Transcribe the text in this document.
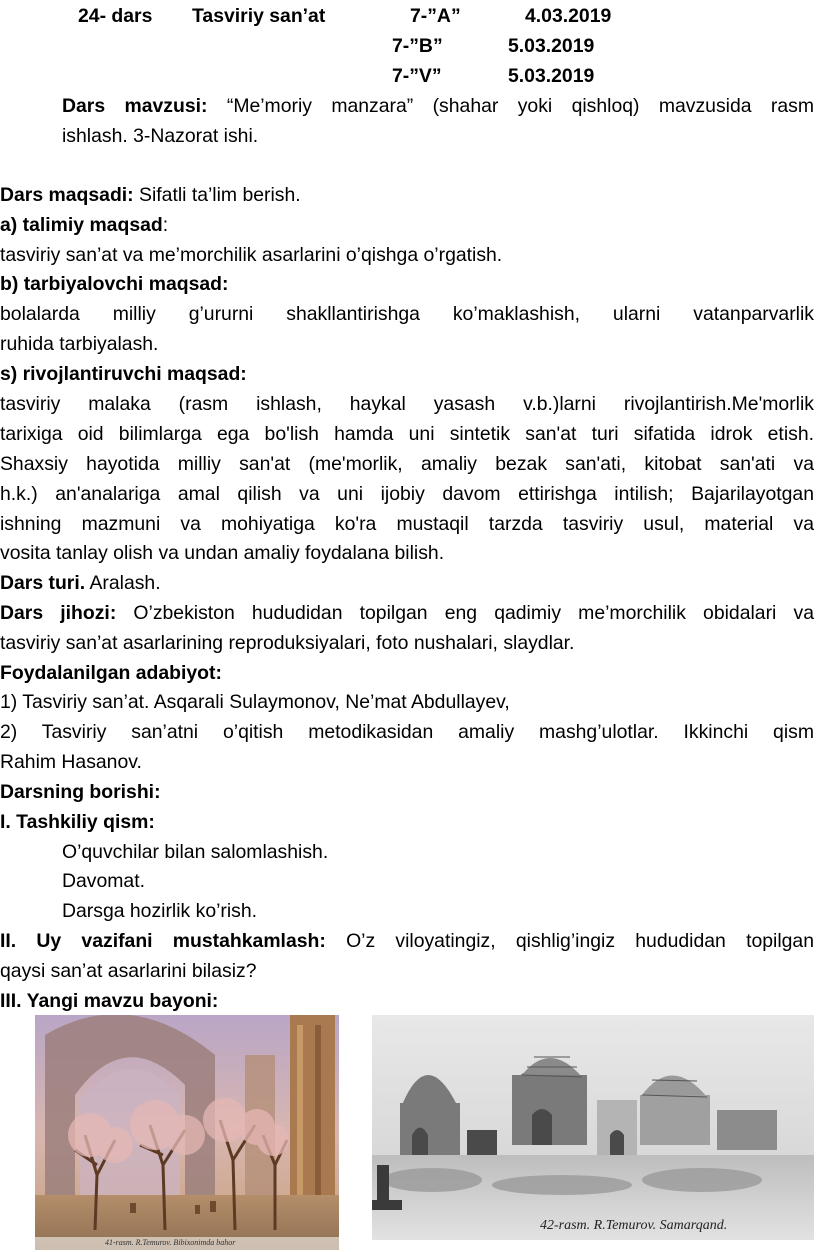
24- dars Tasviriy san’at	7-”A”	4.03.2019
7-”B”	5.03.2019
7-”V”	5.03.2019
Dars mavzusi: “Me’moriy manzara” (shahar yoki qishloq) mavzusida rasm
ishlash. 3-Nazorat ishi.
Dars maqsadi: Sifatli ta’lim berish.
a) talimiy maqsad:
tasviriy san’at va me’morchilik asarlarini o’qishga o’rgatish.
b) tarbiyalovchi maqsad:
bolalarda milliy g’ururni shakllantirishga ko’maklashish, ularni vatanparvarlik
ruhida tarbiyalash.
s) rivojlantiruvchi maqsad:
tasviriy malaka (rasm ishlash, haykal yasash v.b.)larni rivojlantirish.Me'morlik
tarixiga oid bilimlarga ega bo'lish hamda uni sintetik san'at turi sifatida idrok etish.
Shaxsiy hayotida milliy san'at (me'morlik, amaliy bezak san'ati, kitobat san'ati va
h.k.) an'analariga amal qilish va uni ijobiy davom ettirishga intilish; Bajarilayotgan
ishning mazmuni va mohiyatiga ko'ra mustaqil tarzda tasviriy usul, material va
vosita tanlay olish va undan amaliy foydalana bilish.
Dars turi. Aralash.
Dars jihozi: O’zbekiston hududidan topilgan eng qadimiy me’morchilik obidalari va
tasviriy san’at asarlarining reproduksiyalari, foto nushalari, slaydlar.
Foydalanilgan adabiyot:
1) Tasviriy san’at. Asqarali Sulaymonov, Ne’mat Abdullayev,
2) Tasviriy san’atni o’qitish metodikasidan amaliy mashg’ulotlar. Ikkinchi qism
Rahim Hasanov.
Darsning borishi:
I. Tashkiliy qism:
O’quvchilar bilan salomlashish.
Davomat.
Darsga hozirlik ko’rish.
II. Uy vazifani mustahkamlash: O’z viloyatingiz, qishlig’ingiz hududidan topilgan
qaysi san’at asarlarini bilasiz?
III. Yangi mavzu bayoni:
41-rasm. R.Temurov. Bibixonimda bahor
42-rasm. R.Temurov. Samarqand.
